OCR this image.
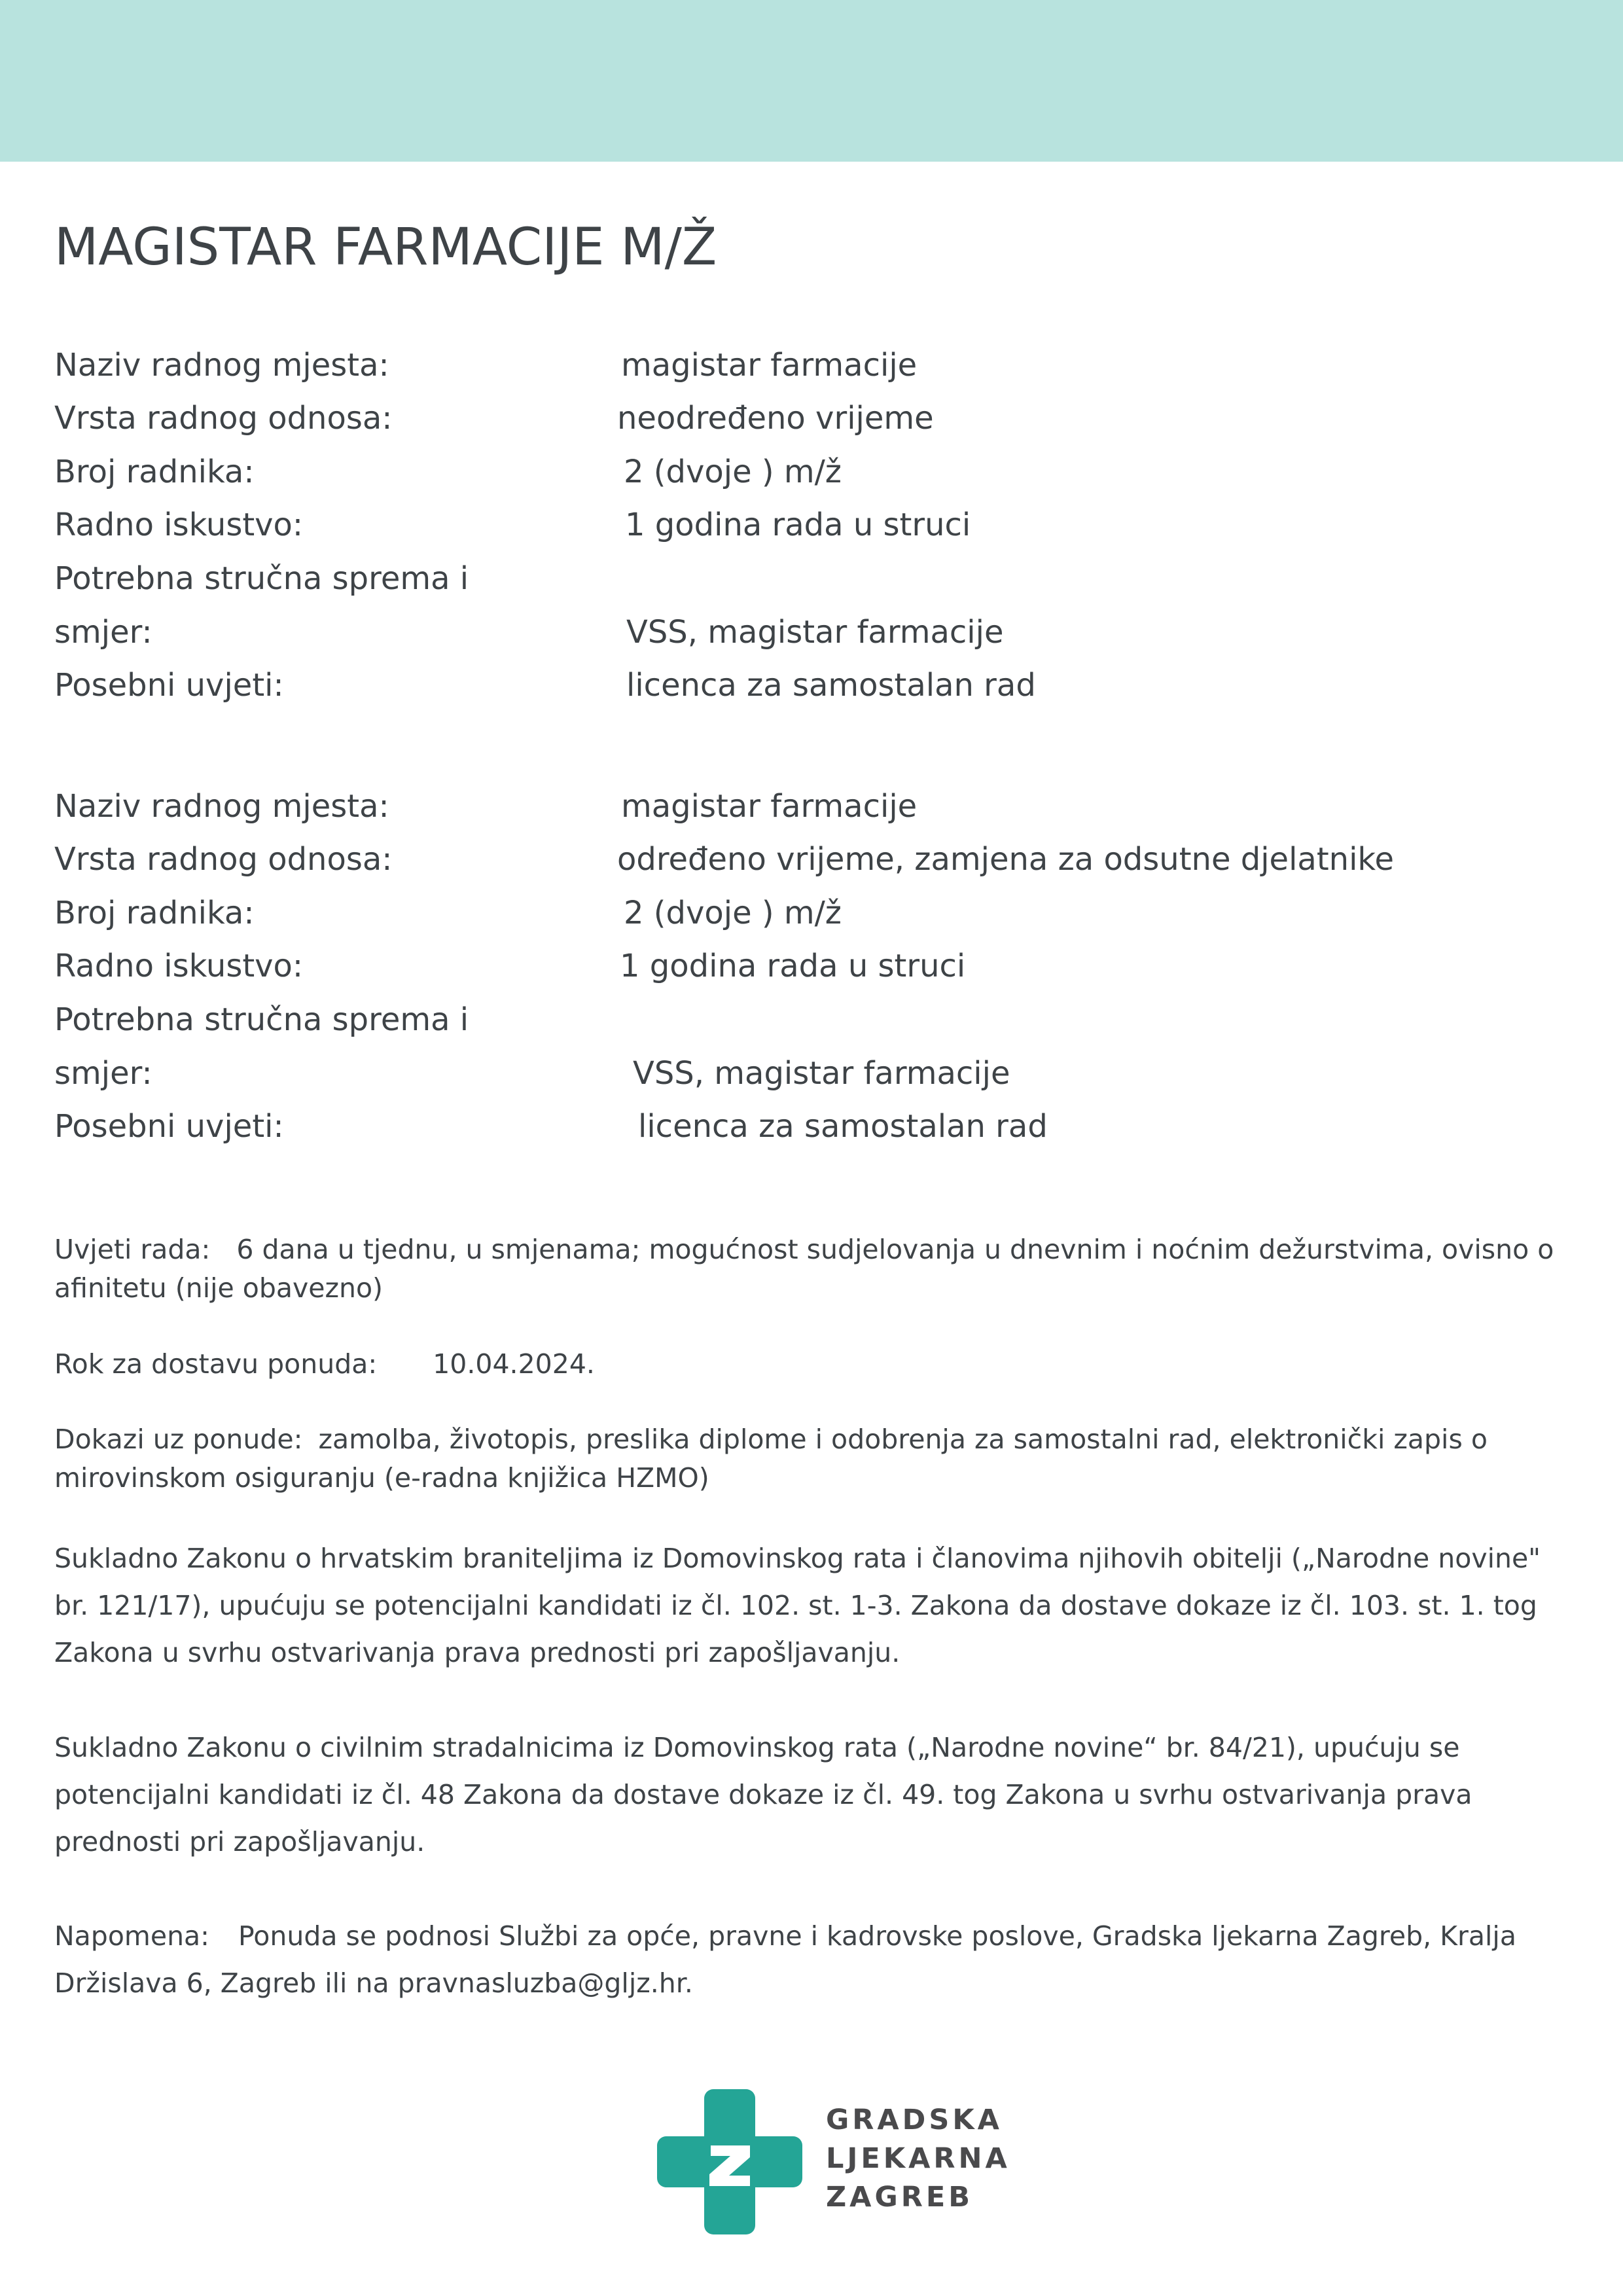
MAGISTAR FARMACIJE M/Ž
Naziv radnog mjesta:	magistar farmacije
Vrsta radnog odnosa:	neodređeno vrijeme
Broj radnika:	2 (dvoje ) m/ž
Radno iskustvo:	1 godina rada u struci
Potrebna stručna sprema i
smjer:	VSS, magistar farmacije
Posebni uvjeti:	licenca za samostalan rad
Naziv radnog mjesta:	magistar farmacije
Vrsta radnog odnosa:	određeno vrijeme, zamjena za odsutne djelatnike
Broj radnika:	2 (dvoje ) m/ž
Radno iskustvo:	1 godina rada u struci
Potrebna stručna sprema i
smjer:	VSS, magistar farmacije
Posebni uvjeti:	licenca za samostalan rad

Uvjeti rada: 6 dana u tjednu, u smjenama; mogućnost sudjelovanja u dnevnim i noćnim dežurstvima, ovisno o afinitetu (nije obavezno)

Rok za dostavu ponuda: 10.04.2024.

Dokazi uz ponude: zamolba, životopis, preslika diplome i odobrenja za samostalni rad, elektronički zapis o mirovinskom osiguranju (e-radna knjižica HZMO)

Sukladno Zakonu o hrvatskim braniteljima iz Domovinskog rata i članovima njihovih obitelji („Narodne novine" br. 121/17), upućuju se potencijalni kandidati iz čl. 102. st. 1-3. Zakona da dostave dokaze iz čl. 103. st. 1. tog Zakona u svrhu ostvarivanja prava prednosti pri zapošljavanju.

Sukladno Zakonu o civilnim stradalnicima iz Domovinskog rata („Narodne novine“ br. 84/21), upućuju se potencijalni kandidati iz čl. 48 Zakona da dostave dokaze iz čl. 49. tog Zakona u svrhu ostvarivanja prava prednosti pri zapošljavanju.

Napomena: Ponuda se podnosi Službi za opće, pravne i kadrovske poslove, Gradska ljekarna Zagreb, Kralja Držislava 6, Zagreb ili na pravnasluzba@gljz.hr.

GRADSKA
LJEKARNA
ZAGREB
